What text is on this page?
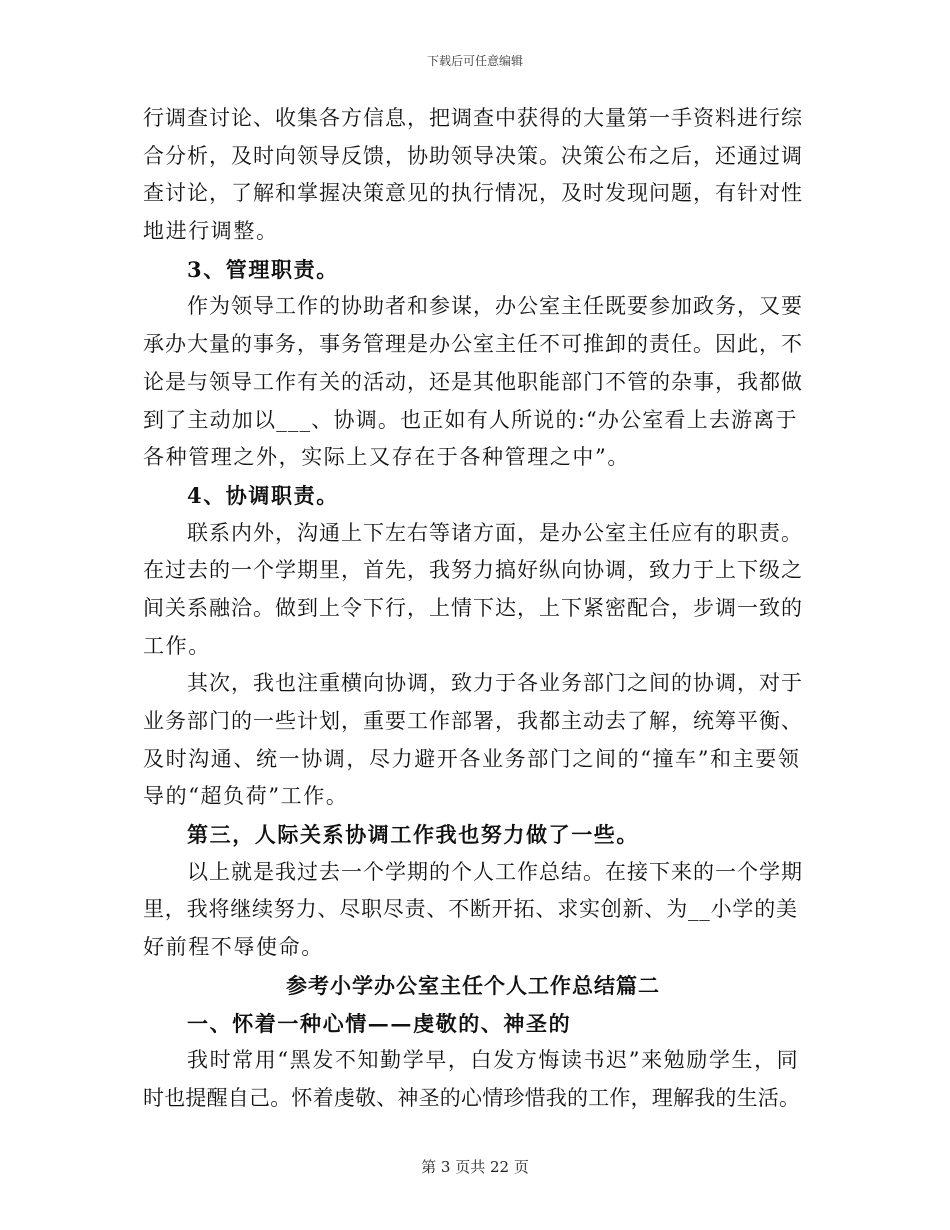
下载后可任意编辑
行调查讨论、收集各方信息，把调查中获得的大量第一手资料进行综
合分析，及时向领导反馈，协助领导决策。决策公布之后，还通过调
查讨论，了解和掌握决策意见的执行情况，及时发现问题，有针对性
地进行调整。
3、管理职责。
作为领导工作的协助者和参谋，办公室主任既要参加政务，又要
承办大量的事务，事务管理是办公室主任不可推卸的责任。因此，不
论是与领导工作有关的活动，还是其他职能部门不管的杂事，我都做
到了主动加以___、协调。也正如有人所说的:“办公室看上去游离于
各种管理之外，实际上又存在于各种管理之中”。
4、协调职责。
联系内外，沟通上下左右等诸方面，是办公室主任应有的职责。
在过去的一个学期里，首先，我努力搞好纵向协调，致力于上下级之
间关系融洽。做到上令下行，上情下达，上下紧密配合，步调一致的
工作。
其次，我也注重横向协调，致力于各业务部门之间的协调，对于
业务部门的一些计划，重要工作部署，我都主动去了解，统筹平衡、
及时沟通、统一协调，尽力避开各业务部门之间的“撞车”和主要领
导的“超负荷”工作。
第三，人际关系协调工作我也努力做了一些。
以上就是我过去一个学期的个人工作总结。在接下来的一个学期
里，我将继续努力、尽职尽责、不断开拓、求实创新、为__小学的美
好前程不辱使命。
参考小学办公室主任个人工作总结篇二
一、怀着一种心情——虔敬的、神圣的
我时常用“黑发不知勤学早，白发方悔读书迟”来勉励学生，同
时也提醒自己。怀着虔敬、神圣的心情珍惜我的工作，理解我的生活。
第 3 页共 22 页
